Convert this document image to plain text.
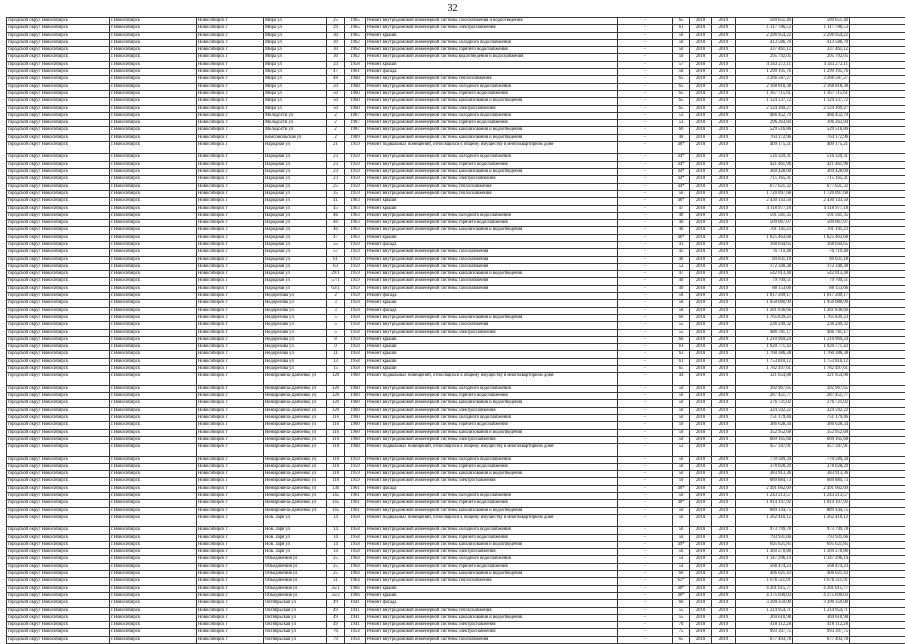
32
городской округ Новосибирск	г.Новосибирск	Новосибирск г	Мира ул	25	1965	Ремонт внутридомовой инженерной системы газоснабжения и водоотведения	-	65	2018	2019	589 651,40	589 651,40	
городской округ Новосибирск	г.Новосибирск	Новосибирск г	Мира ул	29	1965	Ремонт внутридомовой инженерной системы электроснабжения	-	61	2018	2019	1 117 786,53	1 117 786,53	
городской округ Новосибирск	г.Новосибирск	Новосибирск г	Мира ул	30	1965	Ремонт крыши	-	50	2018	2019	2 296 954,22	2 296 954,22	
городской округ Новосибирск	г.Новосибирск	Новосибирск г	Мира ул	30	1962	Ремонт внутридомовой инженерной системы холодного водоснабжения	-	50	2018	2019	413 586,70	413 586,70	
городской округ Новосибирск	г.Новосибирск	Новосибирск г	Мира ул	30	1962	Ремонт внутридомовой инженерной системы горячего водоснабжения	-	50	2018	2019	337 461,12	337 461,12	
городской округ Новосибирск	г.Новосибирск	Новосибирск г	Мира ул	30	1962	Ремонт внутридомовой инженерной системы водоотведения и водоснабжения	-	50	2018	2019	295 792,05	295 792,05	
городской округ Новосибирск	г.Новосибирск	Новосибирск г	Мира ул	33	1958	Ремонт крыши	-	57	2018	2019	4 343 272,11	4 343 272,11	
городской округ Новосибирск	г.Новосибирск	Новосибирск г	Мира ул	47	1961	Ремонт фасада	-	58	2018	2019	1 299 195,76	1 299 195,76	
городской округ Новосибирск	г.Новосибирск	Новосибирск г	Мира ул	48	1960	Ремонт внутридомовой инженерной системы теплоснабжения	-	65	2018	2019	3 266 587,27	3 266 587,27	
городской округ Новосибирск	г.Новосибирск	Новосибирск г	Мира ул	50	1960	Ремонт внутридомовой инженерной системы холодного водоснабжения	-	65	2018	2019	2 168 818,38	2 168 818,38	
городской округ Новосибирск	г.Новосибирск	Новосибирск г	Мира ул	50	1960	Ремонт внутридомовой инженерной системы горячего водоснабжения	-	65	2018	2019	1 167 715,61	1 167 715,61	
городской округ Новосибирск	г.Новосибирск	Новосибирск г	Мира ул	50	1960	Ремонт внутридомовой инженерной системы канализования и водоотведения	-	65	2018	2019	1 124 137,72	1 124 137,72	
городской округ Новосибирск	г.Новосибирск	Новосибирск г	Мира ул	50	1960	Ремонт внутридомовой инженерной системы электроснабжения	-	65	2018	2019	2 124 169,27	2 124 169,27	
городской округ Новосибирск	г.Новосибирск	Новосибирск г	Молодости ул	2	1987	Ремонт внутридомовой инженерной системы холодного водоснабжения	-	53	2018	2019	466 452,79	466 452,79	
городской округ Новосибирск	г.Новосибирск	Новосибирск г	Молодости ул	2	1987	Ремонт внутридомовой инженерной системы горячего водоснабжения	-	53	2018	2019	396 263,84	396 263,84	
городской округ Новосибирск	г.Новосибирск	Новосибирск г	Молодости ул	2	1987	Ремонт внутридомовой инженерной системы канализования и водоотведения	-	60	2018	2019	529 516,86	529 516,86	
городской округ Новосибирск	г.Новосибирск	Новосибирск г	Комсомольская ул	2	1989	Ремонт внутридомовой инженерной системы канализования и водоотведения	-	40	2018	2019	764 172,96	764 172,96	
городской округ Новосибирск	г.Новосибирск	Новосибирск г	Народная ул	21	1959	Ремонт подвальных помещений, относящихся к общему имуществу в многоквартирном доме	-	40*	2018	2019	409 175,21	409 175,21	
городской округ Новосибирск	г.Новосибирск	Новосибирск г	Народная ул	23	1959	Ремонт внутридомовой инженерной системы холодного водоснабжения	-	44*	2018	2019	516 329,31	516 329,31	
городской округ Новосибирск	г.Новосибирск	Новосибирск г	Народная ул	23	1959	Ремонт внутридомовой инженерной системы горячего водоснабжения	-	44*	2018	2019	421 461,96	421 461,96	
городской округ Новосибирск	г.Новосибирск	Новосибирск г	Народная ул	23	1959	Ремонт внутридомовой инженерной системы канализования и водоотведения	-	44*	2018	2019	369 428,60	369 428,60	
городской округ Новосибирск	г.Новосибирск	Новосибирск г	Народная ул	23	1959	Ремонт внутридомовой инженерной системы электроснабжения	-	44*	2018	2019	715 165,31	715 165,31	
городской округ Новосибирск	г.Новосибирск	Новосибирск г	Народная ул	25	1959	Ремонт внутридомовой инженерной системы теплоснабжения	-	44*	2018	2019	677 621,32	677 621,32	
городской округ Новосибирск	г.Новосибирск	Новосибирск г	Народная ул	35	1959	Ремонт внутридомовой инженерной системы теплоснабжения	-	56	2018	2019	1 720 097,68	1 720 097,68	
городской округ Новосибирск	г.Новосибирск	Новосибирск г	Народная ул	41	1963	Ремонт крыши	-	46*	2018	2019	2 430 143,50	2 430 143,50	
городской округ Новосибирск	г.Новосибирск	Новосибирск г	Народная ул	45	1963	Ремонт крыши	-	47	2018	2019	4 118 977,18	4 118 977,18	
городской округ Новосибирск	г.Новосибирск	Новосибирск г	Народная ул	46	1963	Ремонт внутридомовой инженерной системы холодного водоснабжения	-	40	2018	2019	591 561,35	591 561,35	
городской округ Новосибирск	г.Новосибирск	Новосибирск г	Народная ул	46	1963	Ремонт внутридомовой инженерной системы горячего водоснабжения	-	40	2018	2019	509 067,07	509 067,07	
городской округ Новосибирск	г.Новосибирск	Новосибирск г	Народная ул	46	1963	Ремонт внутридомовой инженерной системы канализования и водоотведения	-	40	2018	2019	701 141,23	701 141,23	
городской округ Новосибирск	г.Новосибирск	Новосибирск г	Народная ул	47	1963	Ремонт крыши	-	46*	2018	2019	1 025 463,68	1 025 463,68	
городской округ Новосибирск	г.Новосибирск	Новосибирск г	Народная ул	55	1959	Ремонт фасада	-	41	2018	2019	168 644,65	168 644,65	
городской округ Новосибирск	г.Новосибирск	Новосибирск г	Народная ул	57	1959	Ремонт внутридомовой инженерной системы газоснабжения	-	45	2018	2019	76 719,48	76 719,48	
городской округ Новосибирск	г.Новосибирск	Новосибирск г	Народная ул	61	1959	Ремонт внутридомовой инженерной системы газоснабжения	-	40	2018	2019	89 031,18	89 031,18	
городской округ Новосибирск	г.Новосибирск	Новосибирск г	Народная ул	63	1959	Ремонт внутридомовой инженерной системы газоснабжения	-	52	2018	2019	172 340,38	172 340,38	
городской округ Новосибирск	г.Новосибирск	Новосибирск г	Народная ул	29/1	1959	Ремонт внутридомовой инженерной системы канализования и водоотведения	-	47	2018	2019	542 013,48	542 013,48	
городской округ Новосибирск	г.Новосибирск	Новосибирск г	Народная ул	57/1	1959	Ремонт внутридомовой инженерной системы газоснабжения	-	40	2018	2019	79 709,51	79 709,51	
городской округ Новосибирск	г.Новосибирск	Новосибирск г	Народная ул	63/1	1959	Ремонт внутридомовой инженерной системы газоснабжения	-	40	2018	2019	88 153,66	88 153,66	
городской округ Новосибирск	г.Новосибирск	Новосибирск г	Недорезова ул	2	1959	Ремонт фасада	-	58	2018	2019	1 017 209,17	1 017 209,17	
городской округ Новосибирск	г.Новосибирск	Новосибирск г	Недорезова ул	3	1958	Ремонт крыши	-	58	2018	2019	1 950 080,99	1 950 080,99	
городской округ Новосибирск	г.Новосибирск	Новосибирск г	Недорезова ул	3	1958	Ремонт фасада	-	58	2018	2019	1 281 836,66	1 281 836,66	
городской округ Новосибирск	г.Новосибирск	Новосибирск г	Недорезова ул	5	1958	Ремонт внутридомовой инженерной системы канализования и водоотведения	-	60	2018	2019	1 765 839,23	1 765 839,23	
городской округ Новосибирск	г.Новосибирск	Новосибирск г	Недорезова ул	5	1958	Ремонт внутридомовой инженерной системы газоснабжения	-	55	2018	2019	236 249,32	236 249,32	
городской округ Новосибирск	г.Новосибирск	Новосибирск г	Недорезова ул	5	1958	Ремонт внутридомовой инженерной системы электроснабжения	-	55	2018	2019	486 781,17	486 781,17	
городской округ Новосибирск	г.Новосибирск	Новосибирск г	Недорезова ул	8	1959	Ремонт крыши	-	60	2018	2019	1 210 969,24	1 210 969,24	
городской округ Новосибирск	г.Новосибирск	Новосибирск г	Недорезова ул	9	1958	Ремонт крыши	-	61	2018	2019	1 920 771,43	1 920 771,43	
городской округ Новосибирск	г.Новосибирск	Новосибирск г	Недорезова ул	11	1958	Ремонт крыши	-	63	2018	2019	1 760 386,38	1 760 386,38	
городской округ Новосибирск	г.Новосибирск	Новосибирск г	Недорезова ул	13	1958	Ремонт крыши	-	61	2018	2019	1 753 810,12	1 753 810,12	
городской округ Новосибирск	г.Новосибирск	Новосибирск г	Недорезова ул	15	1958	Ремонт крыши	-	65	2018	2019	1 782 497,61	1 782 497,61	
городской округ Новосибирск	г.Новосибирск	Новосибирск г	Немировича-Данченко ул	120	1960	Ремонт подвальных помещений, относящихся к общему имуществу в многоквартирном доме	-	44	2018	2019	321 654,88	321 654,88	
городской округ Новосибирск	г.Новосибирск	Новосибирск г	Немировича-Данченко ул	120	1960	Ремонт внутридомовой инженерной системы холодного водоснабжения	-	50	2018	2019	392 967,65	392 967,65	
городской округ Новосибирск	г.Новосибирск	Новосибирск г	Немировича-Данченко ул	120	1960	Ремонт внутридомовой инженерной системы горячего водоснабжения	-	50	2018	2019	287 451,77	287 451,77	
городской округ Новосибирск	г.Новосибирск	Новосибирск г	Немировича-Данченко ул	120	1960	Ремонт внутридомовой инженерной системы канализования и водоотведения	-	50	2018	2019	276 721,02	276 721,02	
городской округ Новосибирск	г.Новосибирск	Новосибирск г	Немировича-Данченко ул	120	1960	Ремонт внутридомовой инженерной системы электроснабжения	-	50	2018	2019	324 592,22	324 592,22	
городской округ Новосибирск	г.Новосибирск	Новосибирск г	Немировича-Данченко ул	116	1960	Ремонт внутридомовой инженерной системы холодного водоснабжения	-	50	2018	2019	751 179,46	751 179,46	
городской округ Новосибирск	г.Новосибирск	Новосибирск г	Немировича-Данченко ул	116	1960	Ремонт внутридомовой инженерной системы горячего водоснабжения	-	50	2018	2019	386 628,34	386 628,34	
городской округ Новосибирск	г.Новосибирск	Новосибирск г	Немировича-Данченко ул	116	1960	Ремонт внутридомовой инженерной системы канализования и водоотведения	-	50	2018	2019	352 952,68	352 952,68	
городской округ Новосибирск	г.Новосибирск	Новосибирск г	Немировича-Данченко ул	116	1960	Ремонт внутридомовой инженерной системы электроснабжения	-	50	2018	2019	669 165,68	669 165,68	
городской округ Новосибирск	г.Новосибирск	Новосибирск г	Немировича-Данченко ул	118	1960	Ремонт подвальных помещений, относящихся к общему имуществу в многоквартирном доме	-	52	2018	2019	457 347,91	457 347,91	
городской округ Новосибирск	г.Новосибирск	Новосибирск г	Немировича-Данченко ул	118	1959	Ремонт внутридомовой инженерной системы холодного водоснабжения	-	50	2018	2019	770 589,34	770 589,34	
городской округ Новосибирск	г.Новосибирск	Новосибирск г	Немировича-Данченко ул	118	1959	Ремонт внутридомовой инженерной системы горячего водоснабжения	-	50	2018	2019	378 028,29	378 028,29	
городской округ Новосибирск	г.Новосибирск	Новосибирск г	Немировича-Данченко ул	118	1959	Ремонт внутридомовой инженерной системы канализования и водоотведения	-	50	2018	2019	383 913,36	383 913,36	
городской округ Новосибирск	г.Новосибирск	Новосибирск г	Немировича-Данченко ул	118	1959	Ремонт внутридомовой инженерной системы электроснабжения	-	50	2018	2019	689 884,73	689 884,73	
городской округ Новосибирск	г.Новосибирск	Новосибирск г	Немировича-Данченко ул	130	1961	Ремонт фасада	-	40*	2018	2019	2 491 662,69	2 491 662,69	
городской округ Новосибирск	г.Новосибирск	Новосибирск г	Немировича-Данченко ул	145	1961	Ремонт внутридомовой инженерной системы холодного водоснабжения	-	50	2018	2019	1 243 213,57	1 243 213,57	
городской округ Новосибирск	г.Новосибирск	Новосибирск г	Немировича-Данченко ул	145	1961	Ремонт внутридомовой инженерной системы горячего водоснабжения	-	40*	2018	2019	1 014 197,92	1 014 197,92	
городской округ Новосибирск	г.Новосибирск	Новосибирск г	Немировича-Данченко ул	145	1961	Ремонт внутридомовой инженерной системы канализования и водоотведения	-	50	2018	2019	889 144,75	889 144,75	
городской округ Новосибирск	г.Новосибирск	Новосибирск г	Нов. Заря ул	14	1958	Ремонт подвальных помещений, относящихся к общему имуществу в многоквартирном доме	-	56	2018	2019	1 262 410,12	1 262 410,12	
городской округ Новосибирск	г.Новосибирск	Новосибирск г	Нов. Заря ул	14	1958	Ремонт внутридомовой инженерной системы холодного водоснабжения	-	56	2018	2019	973 799,78	973 799,78	
городской округ Новосибирск	г.Новосибирск	Новосибирск г	Нов. Заря ул	14	1958	Ремонт внутридомовой инженерной системы горячего водоснабжения	-	56	2018	2019	793 931,66	793 931,66	
городской округ Новосибирск	г.Новосибирск	Новосибирск г	Нов. Заря ул	14	1958	Ремонт внутридомовой инженерной системы канализования и водоотведения	-	49*	2018	2019	695 621,85	695 621,85	
городской округ Новосибирск	г.Новосибирск	Новосибирск г	Нов. Заря ул	14	1958	Ремонт внутридомовой инженерной системы электроснабжения	-	56	2018	2019	1 369 270,86	1 369 270,86	
городской округ Новосибирск	г.Новосибирск	Новосибирск г	Объединения ул	25	1964	Ремонт внутридомовой инженерной системы холодного водоснабжения	-	54	2018	2019	1 147 296,14	1 147 296,14	
городской округ Новосибирск	г.Новосибирск	Новосибирск г	Объединения ул	25	1964	Ремонт внутридомовой инженерной системы горячего водоснабжения	-	54	2018	2019	568 474,23	568 474,23	
городской округ Новосибирск	г.Новосибирск	Новосибирск г	Объединения ул	25	1964	Ремонт внутридомовой инженерной системы канализования и водоотведения	-	60	2018	2019	406 021,43	406 021,43	
городской округ Новосибирск	г.Новосибирск	Новосибирск г	Объединения ул	31	1964	Ремонт внутридомовой инженерной системы теплоснабжения	-	65*	2018	2019	1 676 511,91	1 676 511,91	
городской округ Новосибирск	г.Новосибирск	Новосибирск г	Объединения ул	35/1	1966	Ремонт крыши	-	40*	2018	2019	4 201 615,77	4 201 615,77	
городской округ Новосибирск	г.Новосибирск	Новосибирск г	Объединения ул	35/2	1966	Ремонт крыши	-	40*	2018	2019	4 375 690,03	4 375 690,03	
городской округ Новосибирск	г.Новосибирск	Новосибирск г	Октябрьская ул	49	1941	Ремонт фасада	-	60	2018	2019	3 390 359,00	3 390 359,00	
городской округ Новосибирск	г.Новосибирск	Новосибирск г	Октябрьская ул	49	1941	Ремонт внутридомовой инженерной системы теплоснабжения	-	55	2018	2019	1 214 954,71	1 214 954,71	
городской округ Новосибирск	г.Новосибирск	Новосибирск г	Октябрьская ул	49	1941	Ремонт внутридомовой инженерной системы канализования и водоотведения	-	55	2018	2019	369 610,98	369 610,98	
городской округ Новосибирск	г.Новосибирск	Новосибирск г	Октябрьская ул	49	1941	Ремонт внутридомовой инженерной системы электроснабжения	-	70	2018	2019	418 112,28	418 112,28	
городской округ Новосибирск	г.Новосибирск	Новосибирск г	Октябрьская ул	76	1954	Ремонт внутридомовой инженерной системы электроснабжения	-	75	2018	2019	993 397,75	993 397,75	
городской округ Новосибирск	г.Новосибирск	Новосибирск г	Октябрьская ул	79	1954	Ремонт внутридомовой инженерной системы газоснабжения	-	65	2018	2019	677 493,78	677 493,78	
